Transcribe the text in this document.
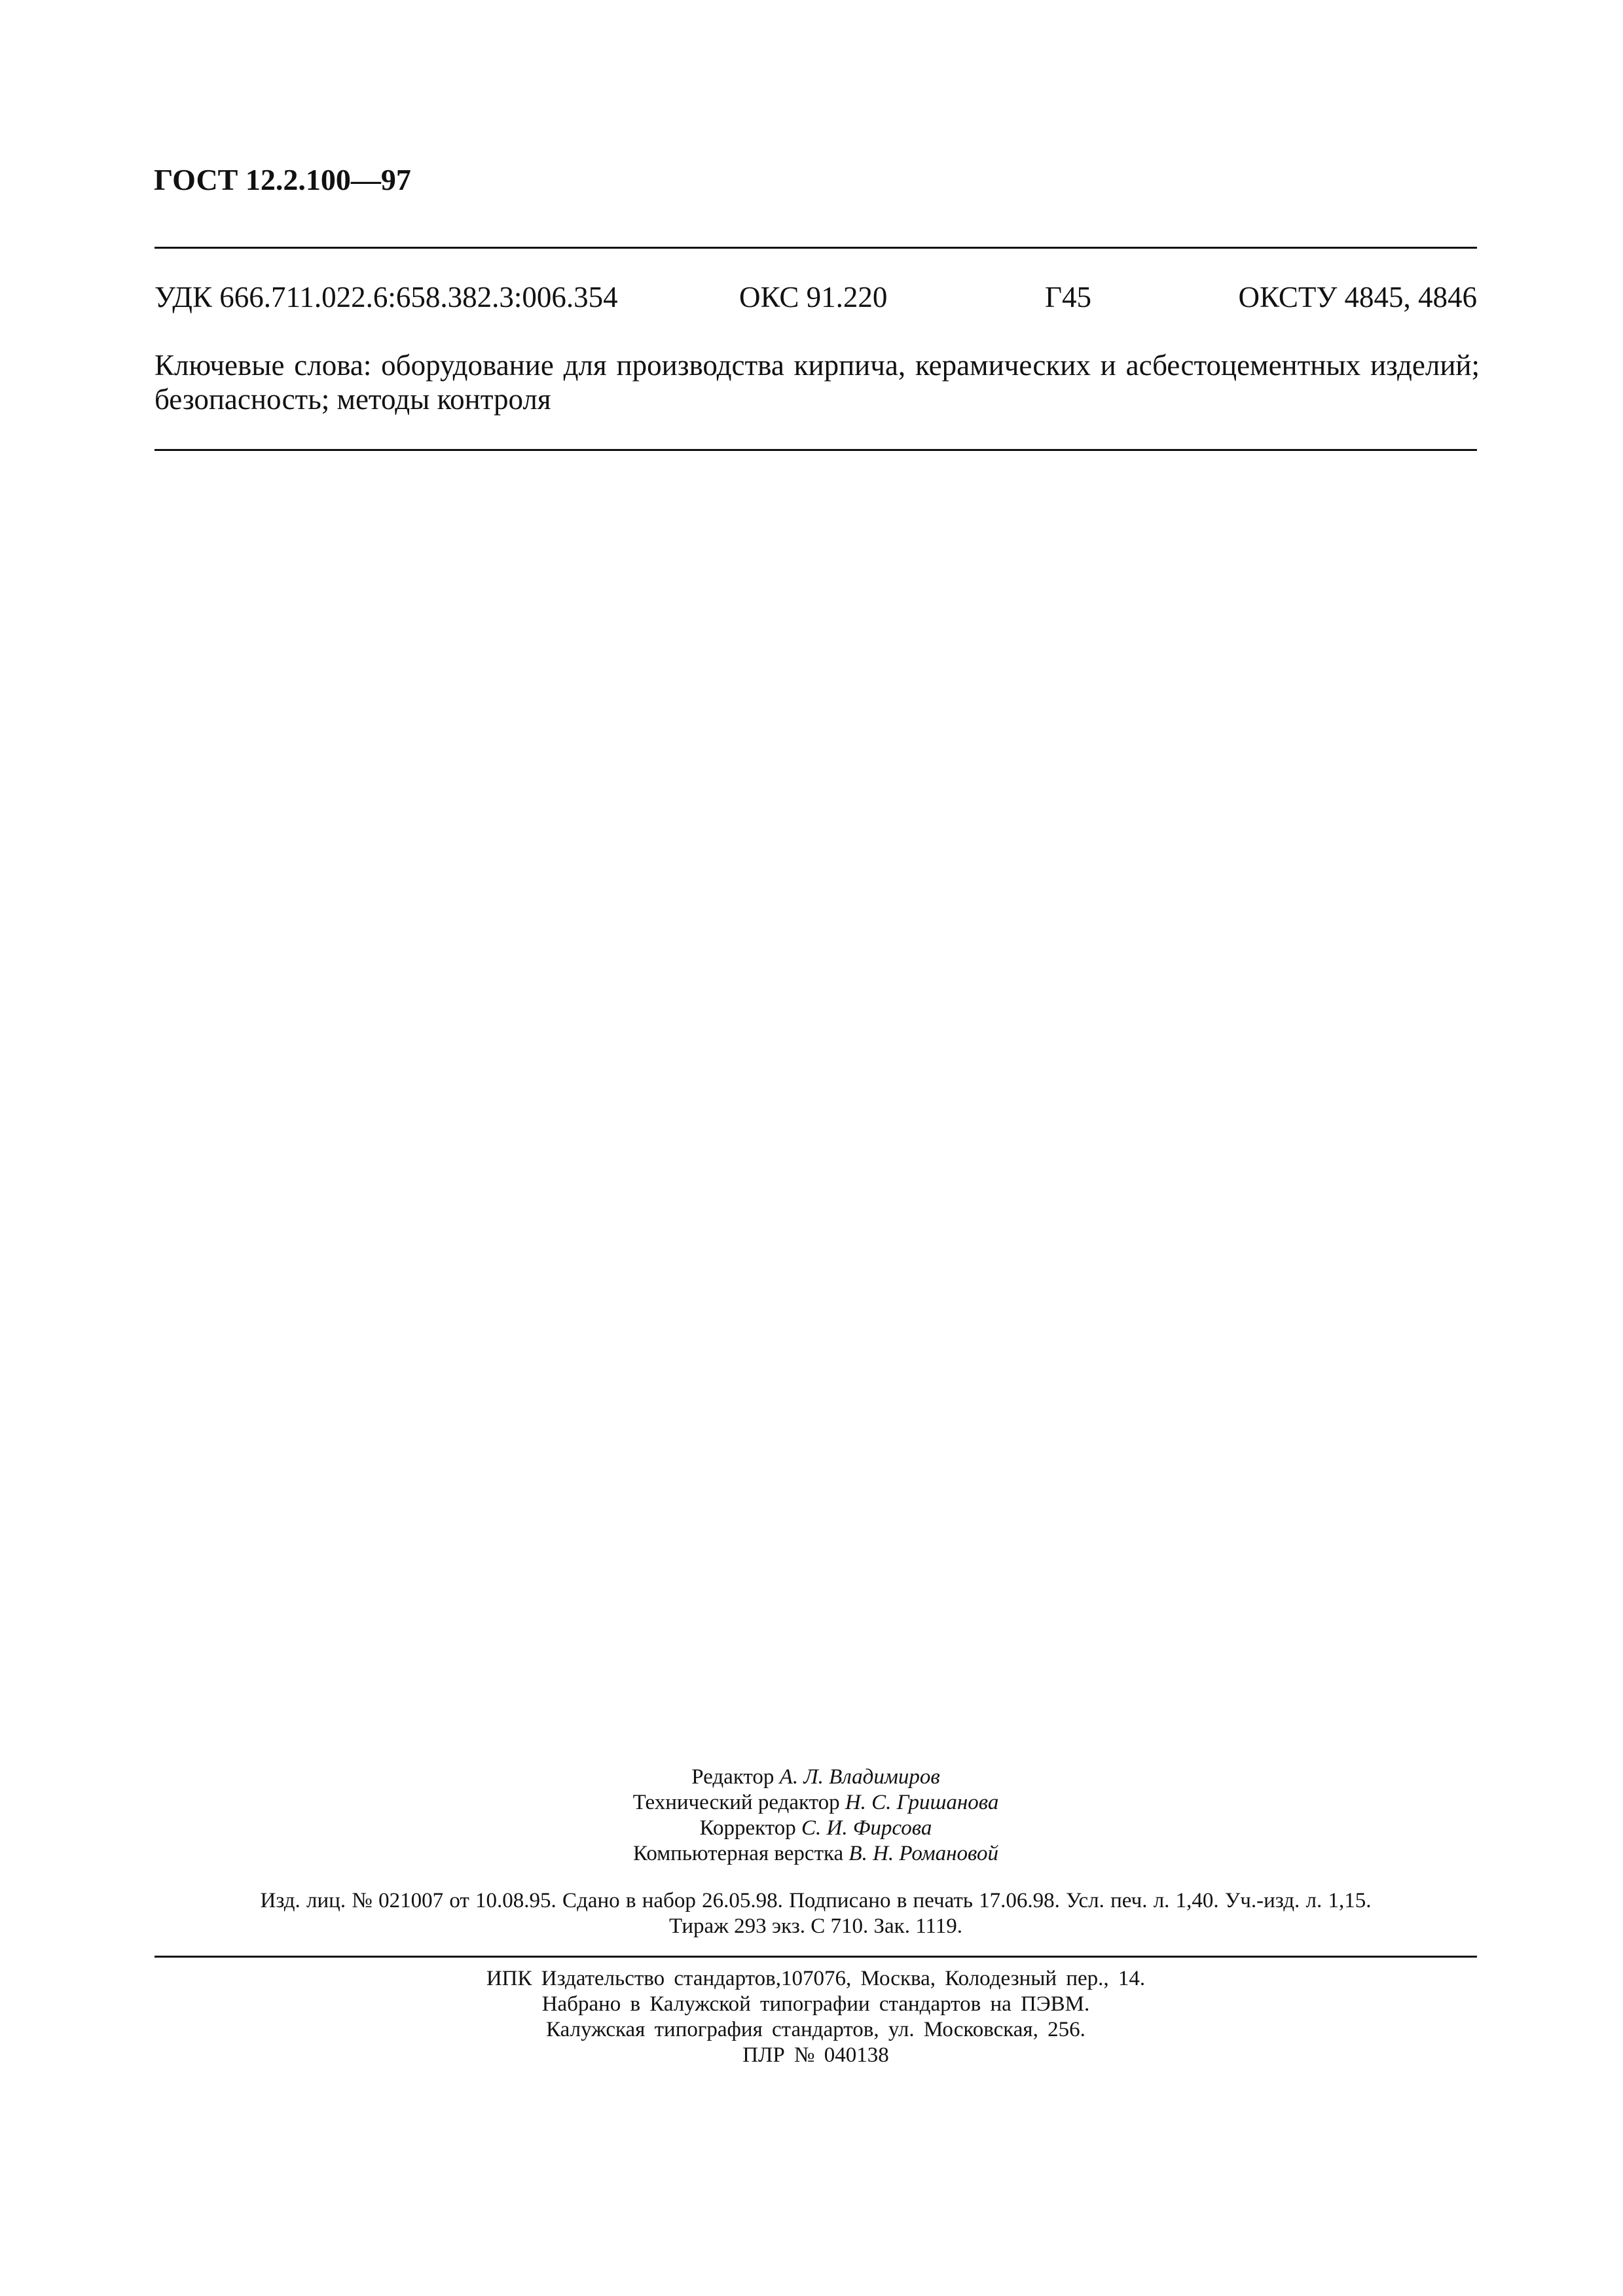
ГОСТ 12.2.100—97
УДК 666.711.022.6:658.382.3:006.354	ОКС 91.220	Г45	ОКСТУ 4845, 4846
Ключевые слова: оборудование для производства кирпича, керамических и асбестоцементных изделий; безопасность; методы контроля
Редактор А. Л. Владимиров
Технический редактор Н. С. Гришанова
Корректор С. И. Фирсова
Компьютерная верстка В. Н. Романовой
Изд. лиц. № 021007 от 10.08.95. Сдано в набор 26.05.98. Подписано в печать 17.06.98. Усл. печ. л. 1,40. Уч.-изд. л. 1,15.
Тираж 293 экз. С 710. Зак. 1119.
ИПК Издательство стандартов,107076, Москва, Колодезный пер., 14.
Набрано в Калужской типографии стандартов на ПЭВМ.
Калужская типография стандартов, ул. Московская, 256.
ПЛР № 040138
